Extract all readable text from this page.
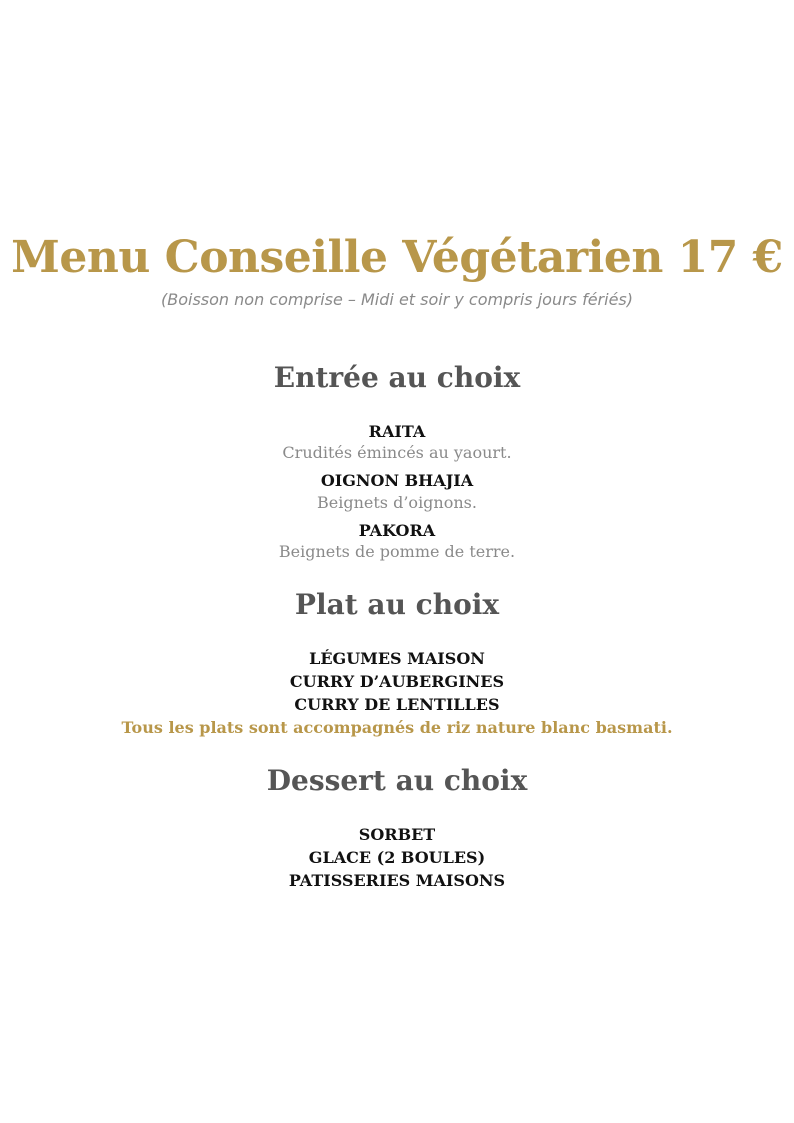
Menu Conseille Végétarien 17 €
(Boisson non comprise – Midi et soir y compris jours fériés)
Entrée au choix
RAITA
Crudités émincés au yaourt.
OIGNON BHAJIA
Beignets d’oignons.
PAKORA
Beignets de pomme de terre.
Plat au choix
LÉGUMES MAISON
CURRY D’AUBERGINES
CURRY DE LENTILLES
Tous les plats sont accompagnés de riz nature blanc basmati.
Dessert au choix
SORBET
GLACE (2 BOULES)
PATISSERIES MAISONS
